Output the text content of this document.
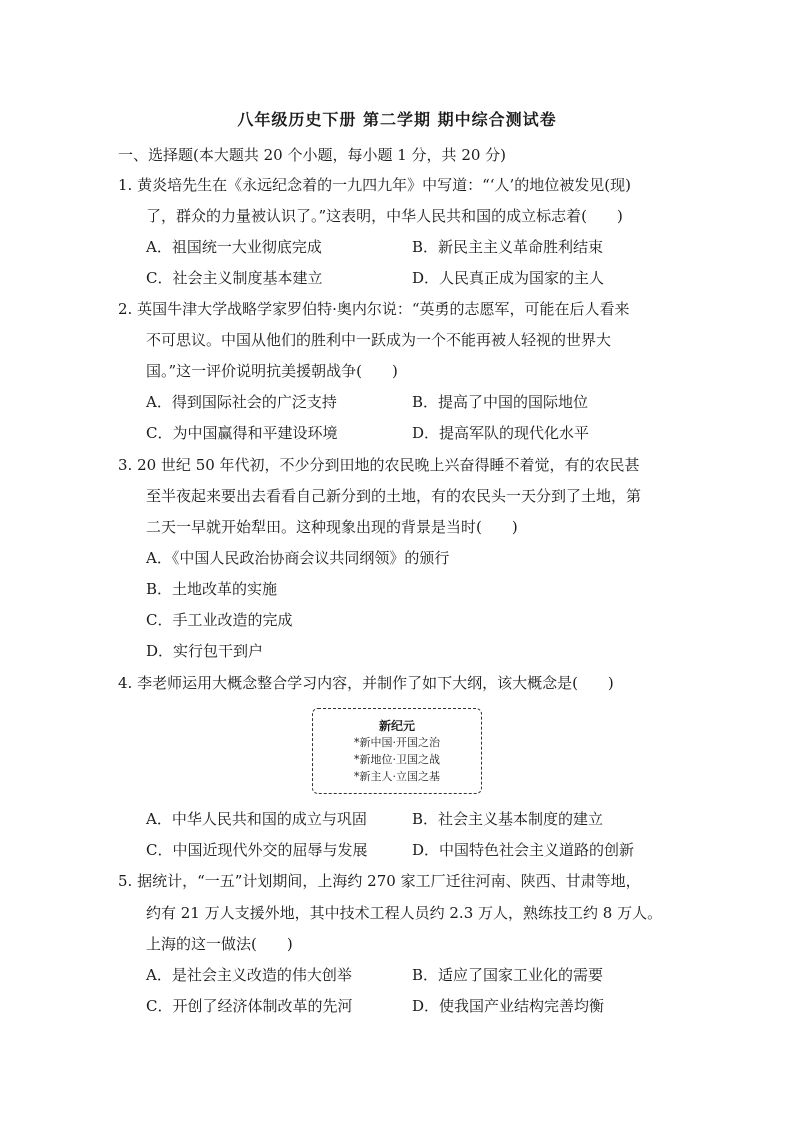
八年级历史下册 第二学期 期中综合测试卷
一、选择题(本大题共 20 个小题，每小题 1 分，共 20 分)
1. 黄炎培先生在《永远纪念着的一九四九年》中写道：“‘人’的地位被发见(现)
了，群众的力量被认识了。”这表明，中华人民共和国的成立标志着(　　)
A．祖国统一大业彻底完成	B．新民主主义革命胜利结束
C．社会主义制度基本建立	D．人民真正成为国家的主人
2. 英国牛津大学战略学家罗伯特·奥内尔说：“英勇的志愿军，可能在后人看来
不可思议。中国从他们的胜利中一跃成为一个不能再被人轻视的世界大
国。”这一评价说明抗美援朝战争(　　)
A．得到国际社会的广泛支持	B．提高了中国的国际地位
C．为中国赢得和平建设环境	D．提高军队的现代化水平
3. 20 世纪 50 年代初，不少分到田地的农民晚上兴奋得睡不着觉，有的农民甚
至半夜起来要出去看看自己新分到的土地，有的农民头一天分到了土地，第
二天一早就开始犁田。这种现象出现的背景是当时(　　)
A．《中国人民政治协商会议共同纲领》的颁行
B．土地改革的实施
C．手工业改造的完成
D．实行包干到户
4. 李老师运用大概念整合学习内容，并制作了如下大纲，该大概念是(　　)
新纪元
*新中国·开国之治
*新地位·卫国之战
*新主人·立国之基
A．中华人民共和国的成立与巩固	B．社会主义基本制度的建立
C．中国近现代外交的屈辱与发展	D．中国特色社会主义道路的创新
5. 据统计，“一五”计划期间，上海约 270 家工厂迁往河南、陕西、甘肃等地，
约有 21 万人支援外地，其中技术工程人员约 2.3 万人，熟练技工约 8 万人。
上海的这一做法(　　)
A．是社会主义改造的伟大创举	B．适应了国家工业化的需要
C．开创了经济体制改革的先河	D．使我国产业结构完善均衡
